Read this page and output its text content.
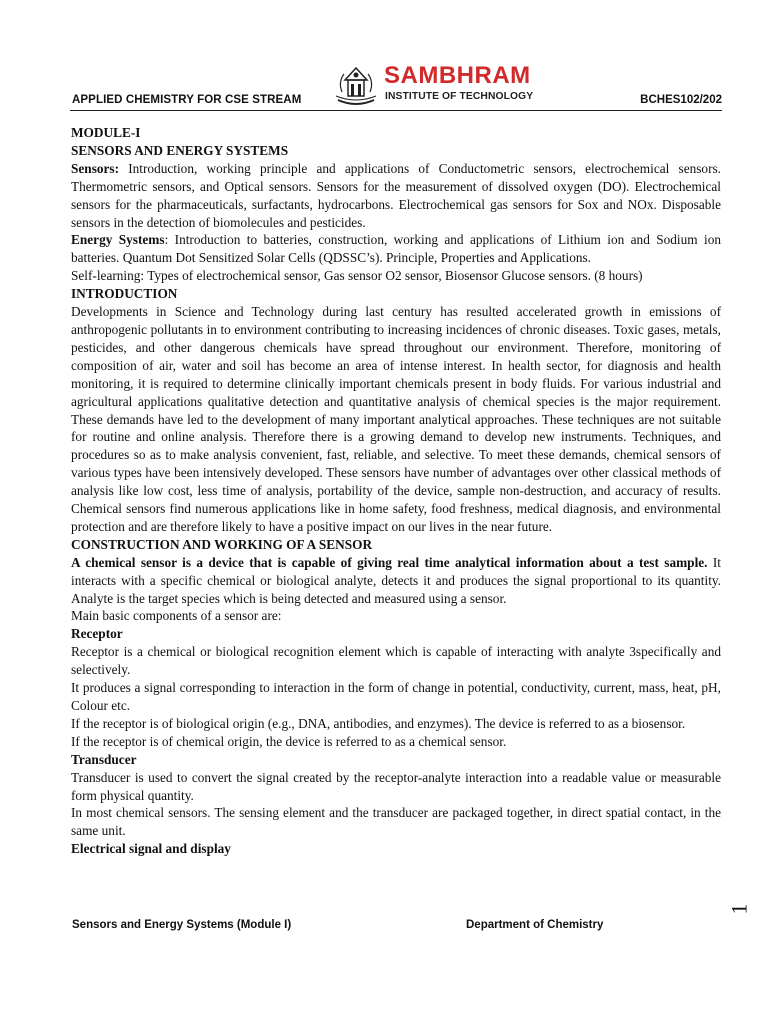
APPLIED CHEMISTRY FOR CSE STREAM
SAMBHRAM
INSTITUTE OF TECHNOLOGY	BCHES102/202

MODULE-I

SENSORS AND ENERGY SYSTEMS

Sensors: Introduction, working principle and applications of Conductometric sensors, electrochemical sensors. Thermometric sensors, and Optical sensors. Sensors for the measurement of dissolved oxygen (DO). Electrochemical sensors for the pharmaceuticals, surfactants, hydrocarbons. Electrochemical gas sensors for Sox and NOx. Disposable sensors in the detection of biomolecules and pesticides.

Energy Systems: Introduction to batteries, construction, working and applications of Lithium ion and Sodium ion batteries. Quantum Dot Sensitized Solar Cells (QDSSC’s). Principle, Properties and Applications.

Self-learning: Types of electrochemical sensor, Gas sensor O2 sensor, Biosensor Glucose sensors. (8 hours)

INTRODUCTION

Developments in Science and Technology during last century has resulted accelerated growth in emissions of anthropogenic pollutants in to environment contributing to increasing incidences of chronic diseases. Toxic gases, metals, pesticides, and other dangerous chemicals have spread throughout our environment. Therefore, monitoring of composition of air, water and soil has become an area of intense interest. In health sector, for diagnosis and health monitoring, it is required to determine clinically important chemicals present in body fluids. For various industrial and agricultural applications qualitative detection and quantitative analysis of chemical species is the major requirement. These demands have led to the development of many important analytical approaches. These techniques are not suitable for routine and online analysis. Therefore there is a growing demand to develop new instruments. Techniques, and procedures so as to make analysis convenient, fast, reliable, and selective. To meet these demands, chemical sensors of various types have been intensively developed. These sensors have number of advantages over other classical methods of analysis like low cost, less time of analysis, portability of the device, sample non-destruction, and accuracy of results. Chemical sensors find numerous applications like in home safety, food freshness, medical diagnosis, and environmental protection and are therefore likely to have a positive impact on our lives in the near future.

CONSTRUCTION AND WORKING OF A SENSOR

A chemical sensor is a device that is capable of giving real time analytical information about a test sample. It interacts with a specific chemical or biological analyte, detects it and produces the signal proportional to its quantity. Analyte is the target species which is being detected and measured using a sensor.

Main basic components of a sensor are:

Receptor

Receptor is a chemical or biological recognition element which is capable of interacting with analyte 3specifically and selectively.

It produces a signal corresponding to interaction in the form of change in potential, conductivity, current, mass, heat, pH, Colour etc.

If the receptor is of biological origin (e.g., DNA, antibodies, and enzymes). The device is referred to as a biosensor.

If the receptor is of chemical origin, the device is referred to as a chemical sensor.

Transducer

Transducer is used to convert the signal created by the receptor-analyte interaction into a readable value or measurable form physical quantity.

In most chemical sensors. The sensing element and the transducer are packaged together, in direct spatial contact, in the same unit.

Electrical signal and display

Sensors and Energy Systems (Module I)	Department of Chemistry
1
